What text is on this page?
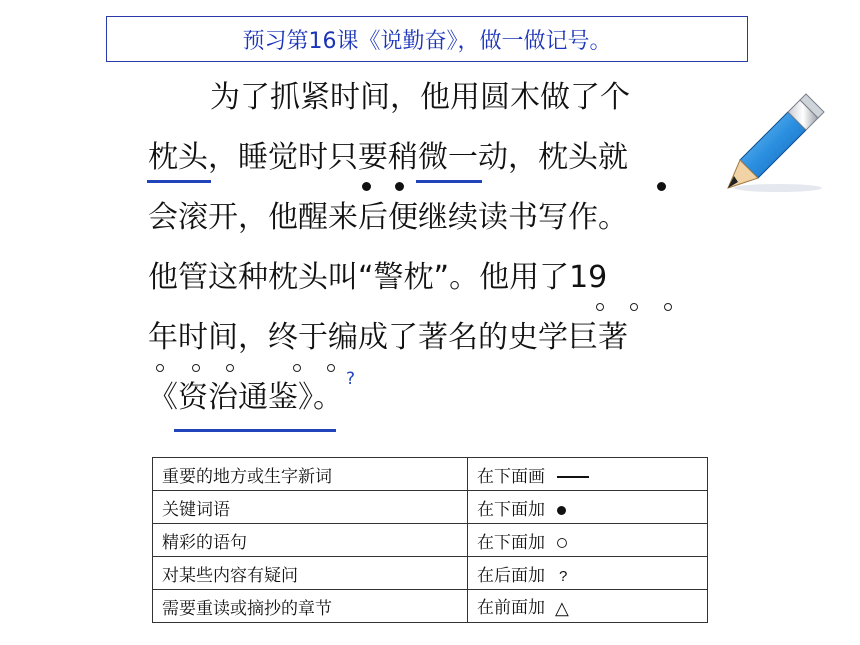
预习第16课《说勤奋》，做一做记号。
为了抓紧时间，他用圆木做了个
枕头，睡觉时只要稍微一动，枕头就
会滚开，他醒来后便继续读书写作。
他管这种枕头叫“警枕”。他用了19
年时间，终于编成了著名的史学巨著
《资治通鉴》。
?
重要的地方或生字新词	在下面画
关键词语	在下面加
精彩的语句	在下面加
对某些内容有疑问	在后面加 ?
需要重读或摘抄的章节	在前面加 △
